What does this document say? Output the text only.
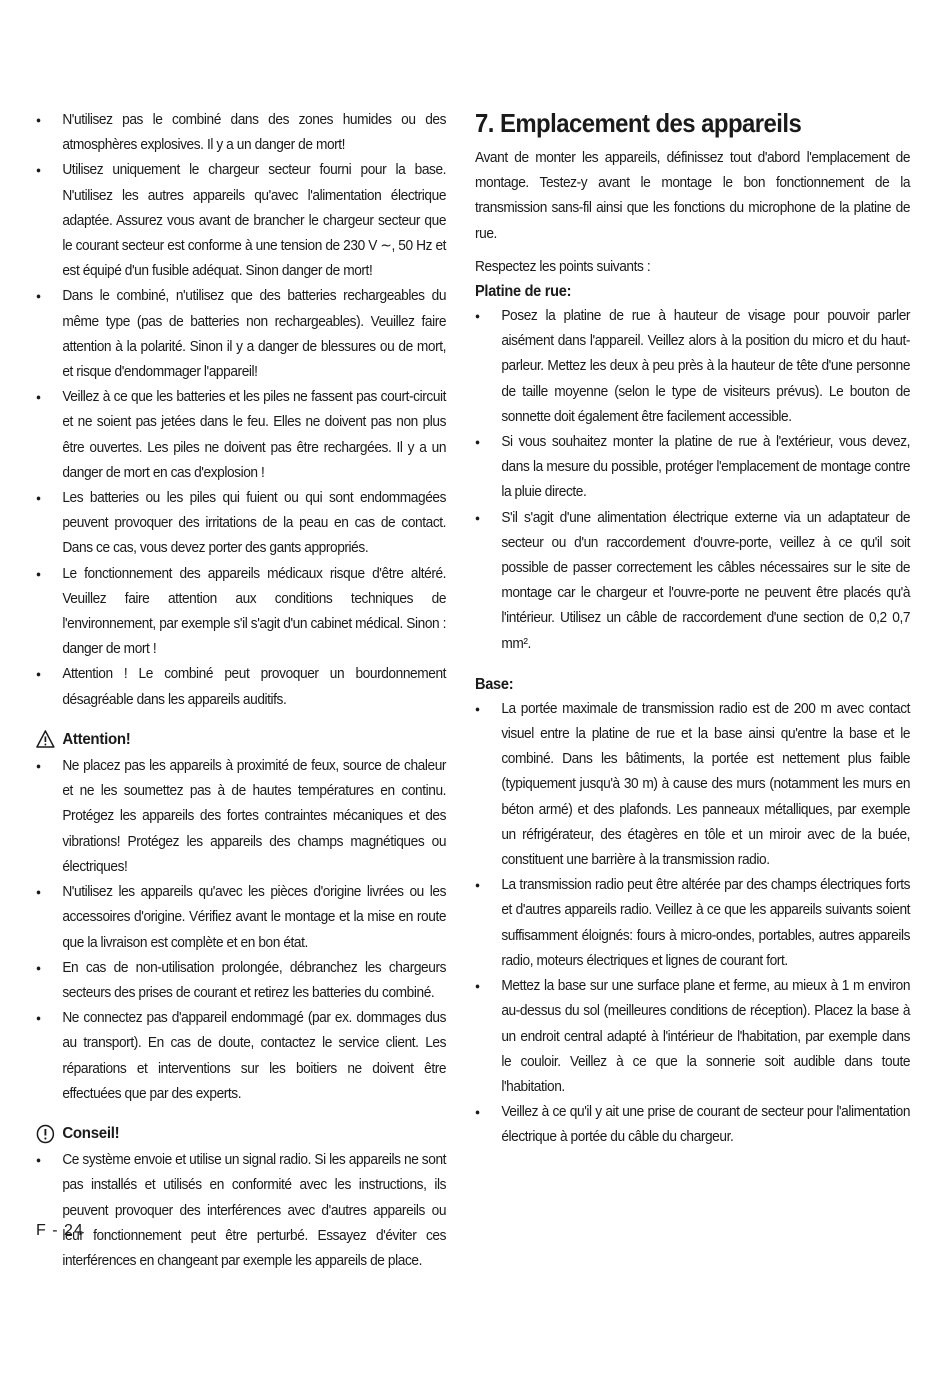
● N'utilisez pas le combiné dans des zones humides ou des atmosphères explosives. Il y a un danger de mort!
● Utilisez uniquement le chargeur secteur fourni pour la base. N'utilisez les autres appareils qu'avec l'alimentation électrique adaptée. Assurez vous avant de brancher le chargeur secteur que le courant secteur est conforme à une tension de 230 V ∼, 50 Hz et est équipé d'un fusible adéquat. Sinon danger de mort!
● Dans le combiné, n'utilisez que des batteries rechargeables du même type (pas de batteries non rechargeables). Veuillez faire attention à la polarité. Sinon il y a danger de blessures ou de mort, et risque d'endommager l'appareil!
● Veillez à ce que les batteries et les piles ne fassent pas court-circuit et ne soient pas jetées dans le feu. Elles ne doivent pas non plus être ouvertes. Les piles ne doivent pas être rechargées. Il y a un danger de mort en cas d'explosion !
● Les batteries ou les piles qui fuient ou qui sont endommagées peuvent provoquer des irritations de la peau en cas de contact. Dans ce cas, vous devez porter des gants appropriés.
● Le fonctionnement des appareils médicaux risque d'être altéré. Veuillez faire attention aux conditions techniques de l'environnement, par exemple s'il s'agit d'un cabinet médical. Sinon : danger de mort !
● Attention ! Le combiné peut provoquer un bourdonnement désagréable dans les appareils auditifs.
Attention!
● Ne placez pas les appareils à proximité de feux, source de chaleur et ne les soumettez pas à de hautes températures en continu. Protégez les appareils des fortes contraintes mécaniques et des vibrations! Protégez les appareils des champs magnétiques ou électriques!
● N'utilisez les appareils qu'avec les pièces d'origine livrées ou les accessoires d'origine. Vérifiez avant le montage et la mise en route que la livraison est complète et en bon état.
● En cas de non-utilisation prolongée, débranchez les chargeurs secteurs des prises de courant et retirez les batteries du combiné.
● Ne connectez pas d'appareil endommagé (par ex. dommages dus au transport). En cas de doute, contactez le service client. Les réparations et interventions sur les boitiers ne doivent être effectuées que par des experts.
Conseil!
● Ce système envoie et utilise un signal radio. Si les appareils ne sont pas installés et utilisés en conformité avec les instructions, ils peuvent provoquer des interférences avec d'autres appareils ou leur fonctionnement peut être perturbé. Essayez d'éviter ces interférences en changeant par exemple les appareils de place.
7. Emplacement des appareils

Avant de monter les appareils, définissez tout d'abord l'emplacement de montage. Testez-y avant le montage le bon fonctionnement de la transmission sans-fil ainsi que les fonctions du microphone de la platine de rue.

Respectez les points suivants :

Platine de rue:
● Posez la platine de rue à hauteur de visage pour pouvoir parler aisément dans l'appareil. Veillez alors à la position du micro et du haut-parleur. Mettez les deux à peu près à la hauteur de tête d'une personne de taille moyenne (selon le type de visiteurs prévus). Le bouton de sonnette doit également être facilement accessible.
● Si vous souhaitez monter la platine de rue à l'extérieur, vous devez, dans la mesure du possible, protéger l'emplacement de montage contre la pluie directe.
● S'il s'agit d'une alimentation électrique externe via un adaptateur de secteur ou d'un raccordement d'ouvre-porte, veillez à ce qu'il soit possible de passer correctement les câbles nécessaires sur le site de montage car le chargeur et l'ouvre-porte ne peuvent être placés qu'à l'intérieur. Utilisez un câble de raccordement d'une section de 0,2 0,7 mm².
Base:
● La portée maximale de transmission radio est de 200 m avec contact visuel entre la platine de rue et la base ainsi qu'entre la base et le combiné. Dans les bâtiments, la portée est nettement plus faible (typiquement jusqu'à 30 m) à cause des murs (notamment les murs en béton armé) et des plafonds. Les panneaux métalliques, par exemple un réfrigérateur, des étagères en tôle et un miroir avec de la buée, constituent une barrière à la transmission radio.
● La transmission radio peut être altérée par des champs électriques forts et d'autres appareils radio. Veillez à ce que les appareils suivants soient suffisamment éloignés: fours à micro-ondes, portables, autres appareils radio, moteurs électriques et lignes de courant fort.
● Mettez la base sur une surface plane et ferme, au mieux à 1 m environ au-dessus du sol (meilleures conditions de réception). Placez la base à un endroit central adapté à l'intérieur de l'habitation, par exemple dans le couloir. Veillez à ce que la sonnerie soit audible dans toute l'habitation.
● Veillez à ce qu'il y ait une prise de courant de secteur pour l'alimentation électrique à portée du câble du chargeur.
F - 24
